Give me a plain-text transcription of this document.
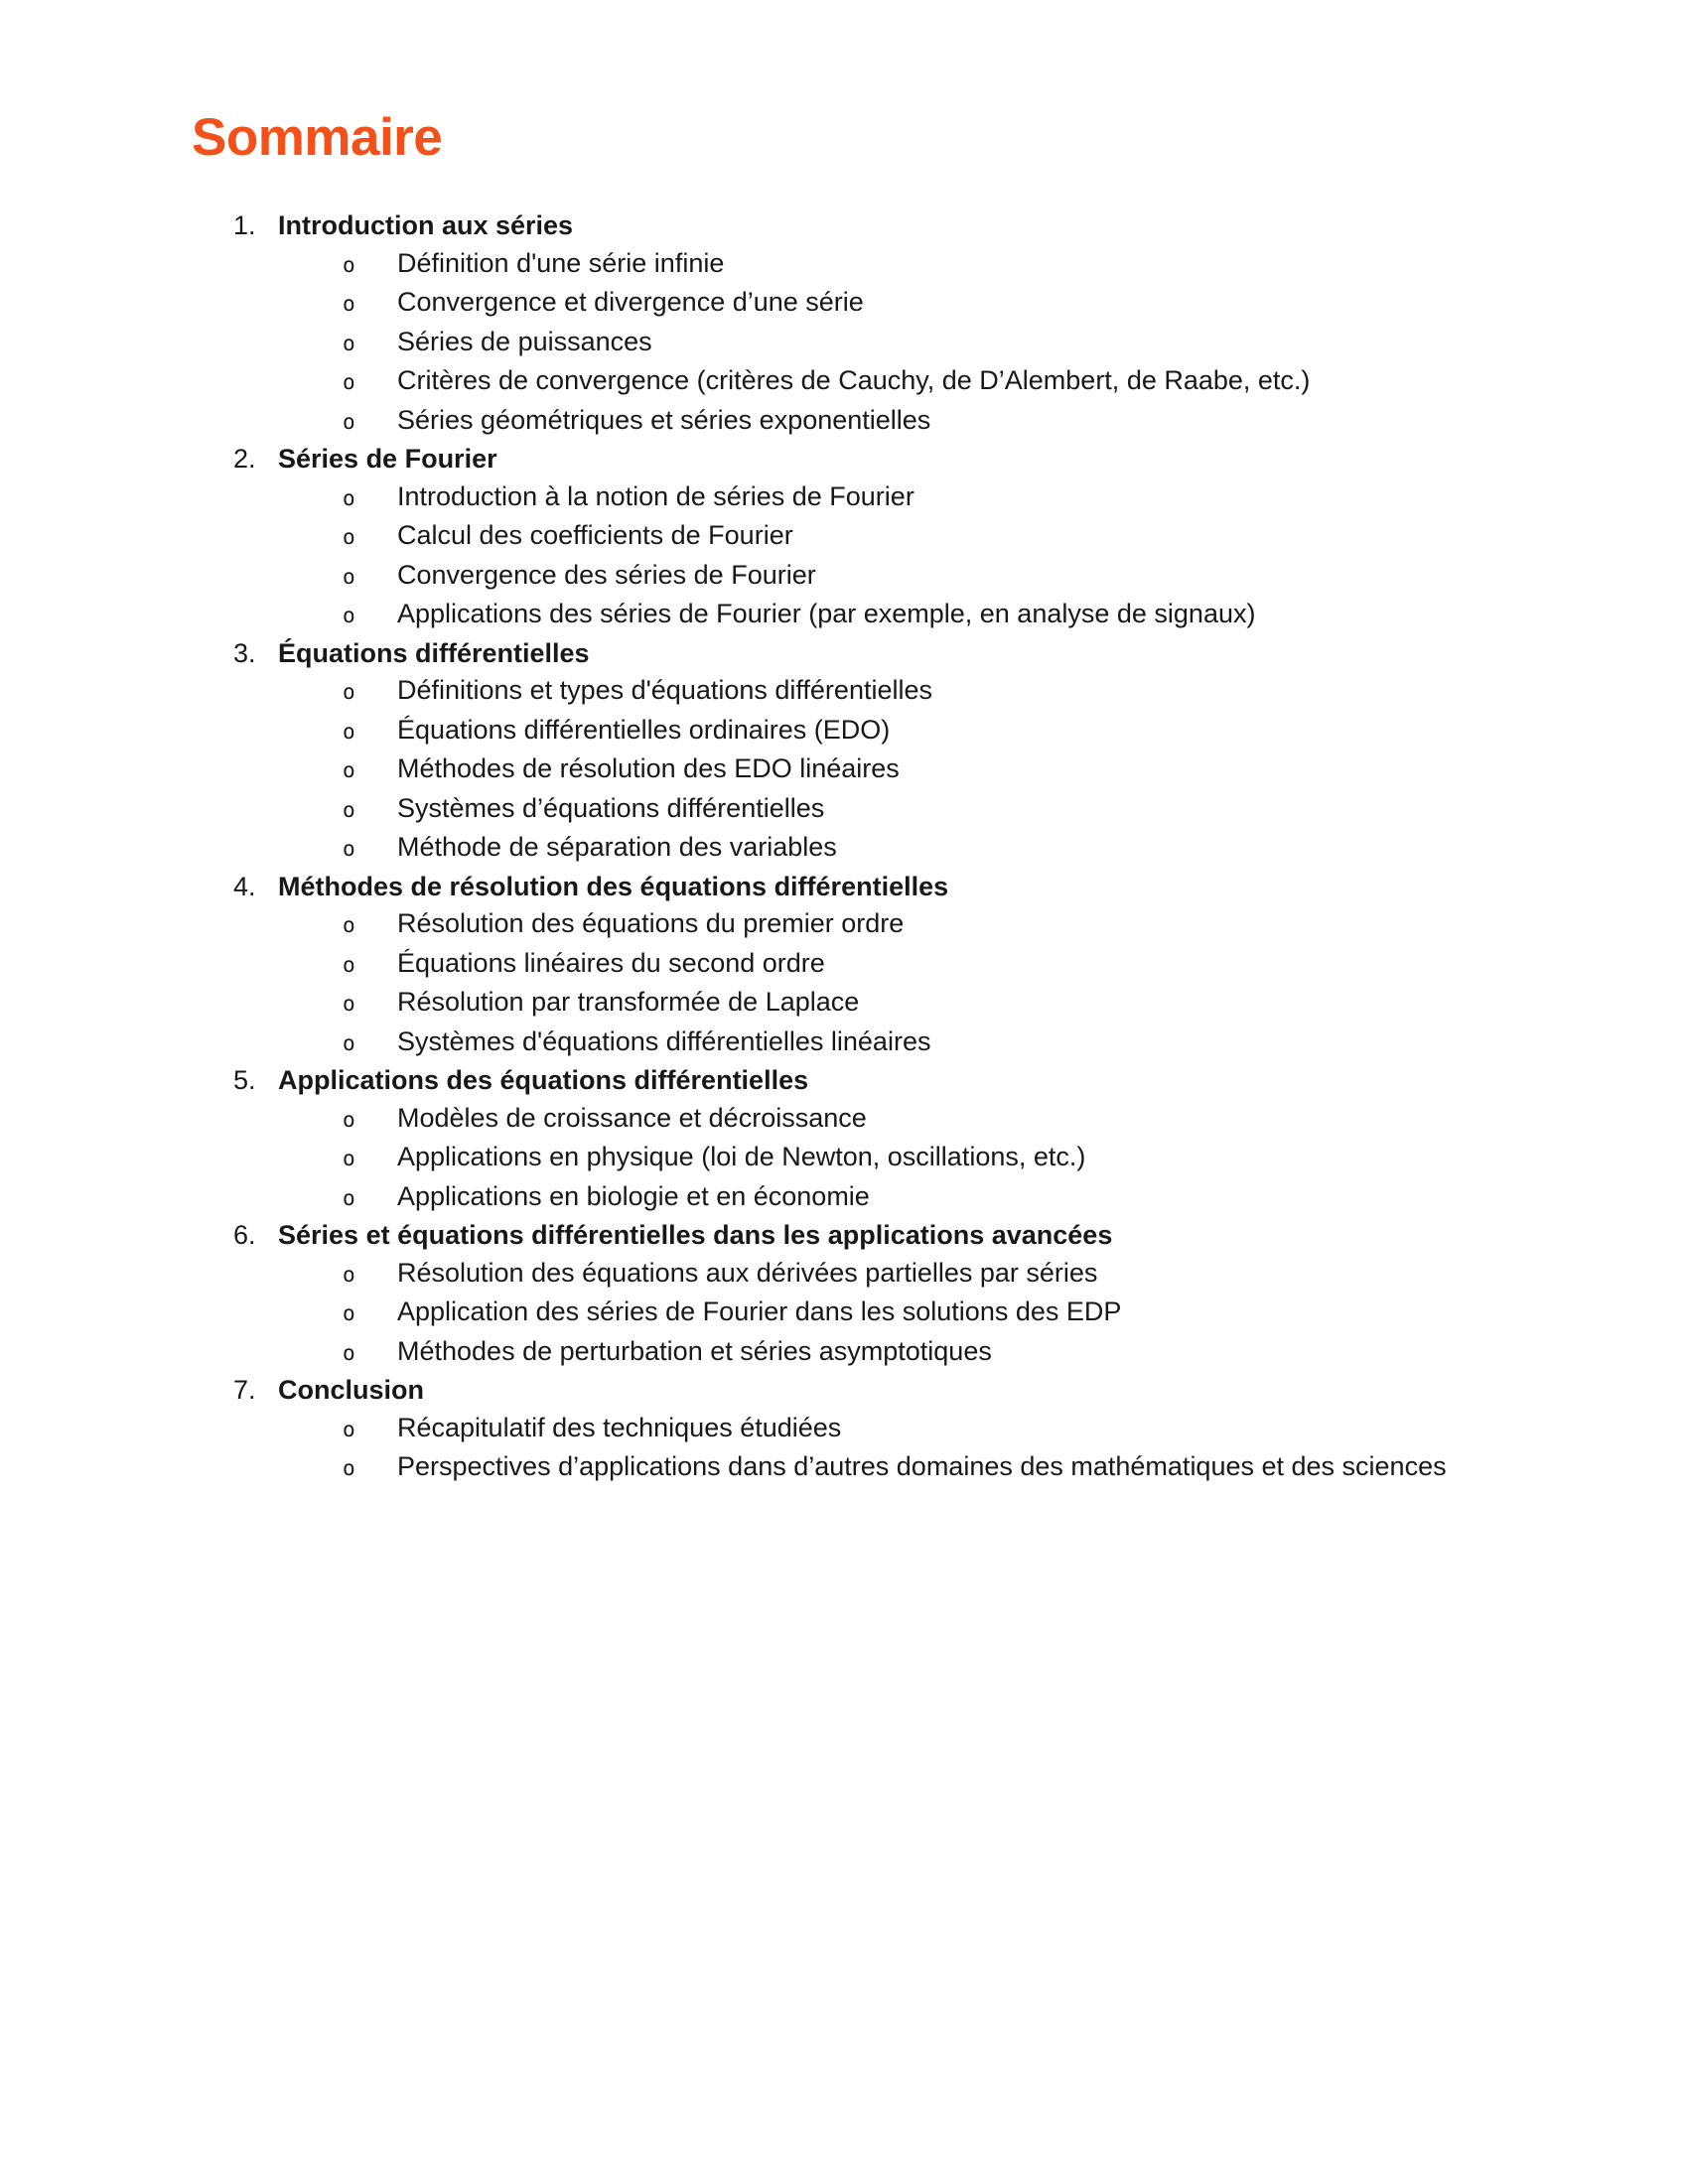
Sommaire
1. Introduction aux séries
o	Définition d'une série infinie
o	Convergence et divergence d’une série
o	Séries de puissances
o	Critères de convergence (critères de Cauchy, de D’Alembert, de Raabe, etc.)
o	Séries géométriques et séries exponentielles
2. Séries de Fourier
o	Introduction à la notion de séries de Fourier
o	Calcul des coefficients de Fourier
o	Convergence des séries de Fourier
o	Applications des séries de Fourier (par exemple, en analyse de signaux)
3. Équations différentielles
o	Définitions et types d'équations différentielles
o	Équations différentielles ordinaires (EDO)
o	Méthodes de résolution des EDO linéaires
o	Systèmes d’équations différentielles
o	Méthode de séparation des variables
4. Méthodes de résolution des équations différentielles
o	Résolution des équations du premier ordre
o	Équations linéaires du second ordre
o	Résolution par transformée de Laplace
o	Systèmes d'équations différentielles linéaires
5. Applications des équations différentielles
o	Modèles de croissance et décroissance
o	Applications en physique (loi de Newton, oscillations, etc.)
o	Applications en biologie et en économie
6. Séries et équations différentielles dans les applications avancées
o	Résolution des équations aux dérivées partielles par séries
o	Application des séries de Fourier dans les solutions des EDP
o	Méthodes de perturbation et séries asymptotiques
7. Conclusion
o	Récapitulatif des techniques étudiées
o	Perspectives d’applications dans d’autres domaines des mathématiques et des sciences
